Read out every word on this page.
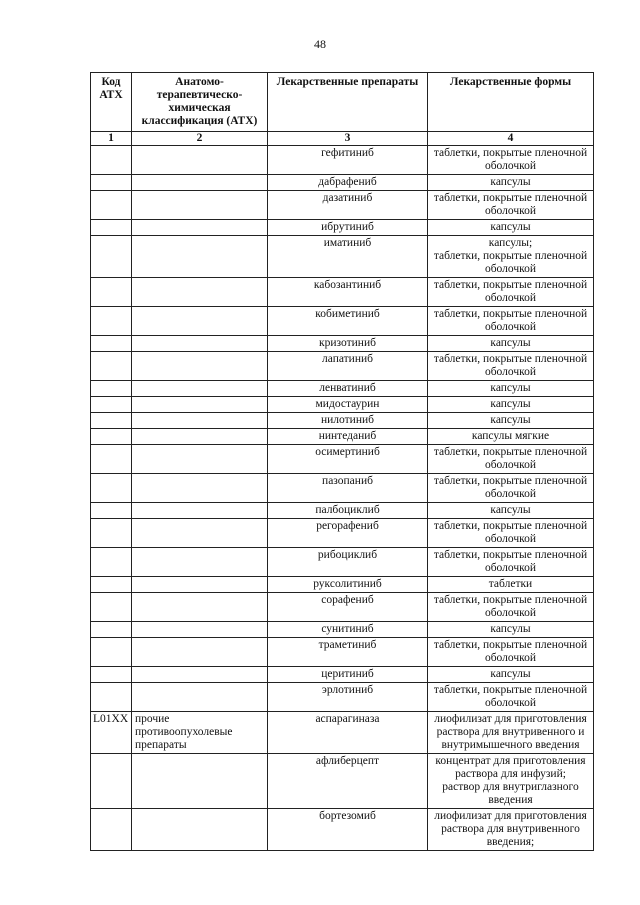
48
Код АТХ	Анатомо-терапевтическо-химическая классификация (АТХ)	Лекарственные препараты	Лекарственные формы
1	2	3	4
		гефитиниб	таблетки, покрытые пленочной оболочкой

		дабрафениб	капсулы

		дазатиниб	таблетки, покрытые пленочной оболочкой

		ибрутиниб	капсулы

		иматиниб	капсулы;
таблетки, покрытые пленочной оболочкой

		кабозантиниб	таблетки, покрытые пленочной оболочкой

		кобиметиниб	таблетки, покрытые пленочной оболочкой

		кризотиниб	капсулы

		лапатиниб	таблетки, покрытые пленочной оболочкой

		ленватиниб	капсулы

		мидостаурин	капсулы

		нилотиниб	капсулы

		нинтеданиб	капсулы мягкие

		осимертиниб	таблетки, покрытые пленочной оболочкой

		пазопаниб	таблетки, покрытые пленочной оболочкой

		палбоциклиб	капсулы

		регорафениб	таблетки, покрытые пленочной оболочкой

		рибоциклиб	таблетки, покрытые пленочной оболочкой

		руксолитиниб	таблетки

		сорафениб	таблетки, покрытые пленочной оболочкой

		сунитиниб	капсулы

		траметиниб	таблетки, покрытые пленочной оболочкой

		церитиниб	капсулы

		эрлотиниб	таблетки, покрытые пленочной оболочкой

L01XX	прочие противоопухолевые препараты	аспарагиназа	лиофилизат для приготовления раствора для внутривенного и внутримышечного введения

		афлиберцепт	концентрат для приготовления раствора для инфузий;
раствор для внутриглазного введения

		бортезомиб	лиофилизат для приготовления раствора для внутривенного введения;
